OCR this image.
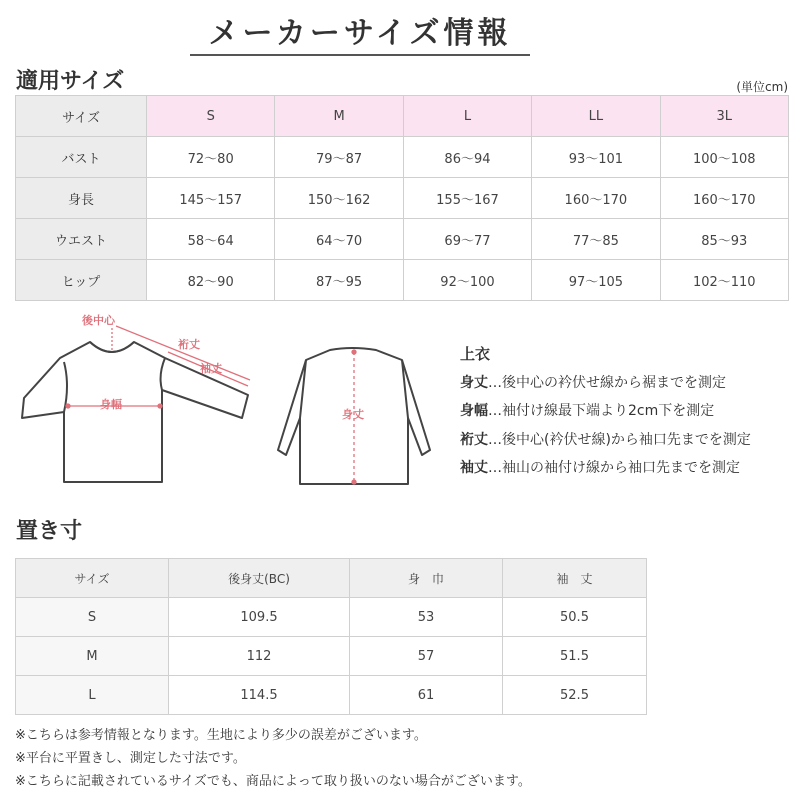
メーカーサイズ情報
適用サイズ	(単位cm)
サイズ	S	M	L	LL	3L
バスト	72〜80	79〜87	86〜94	93〜101	100〜108
身長	145〜157	150〜162	155〜167	160〜170	160〜170
ウエスト	58〜64	64〜70	69〜77	77〜85	85〜93
ヒップ	82〜90	87〜95	92〜100	97〜105	102〜110
後中心
裄丈
袖丈
身幅
身丈
上衣
身丈…後中心の衿伏せ線から裾までを測定
身幅…袖付け線最下端より2cm下を測定
裄丈…後中心(衿伏せ線)から袖口先までを測定
袖丈…袖山の袖付け線から袖口先までを測定
置き寸
サイズ	後身丈(BC)	身　巾	袖　丈
S	109.5	53	50.5
M	112	57	51.5
L	114.5	61	52.5
※こちらは参考情報となります。生地により多少の誤差がございます。
※平台に平置きし、測定した寸法です。
※こちらに記載されているサイズでも、商品によって取り扱いのない場合がございます。
